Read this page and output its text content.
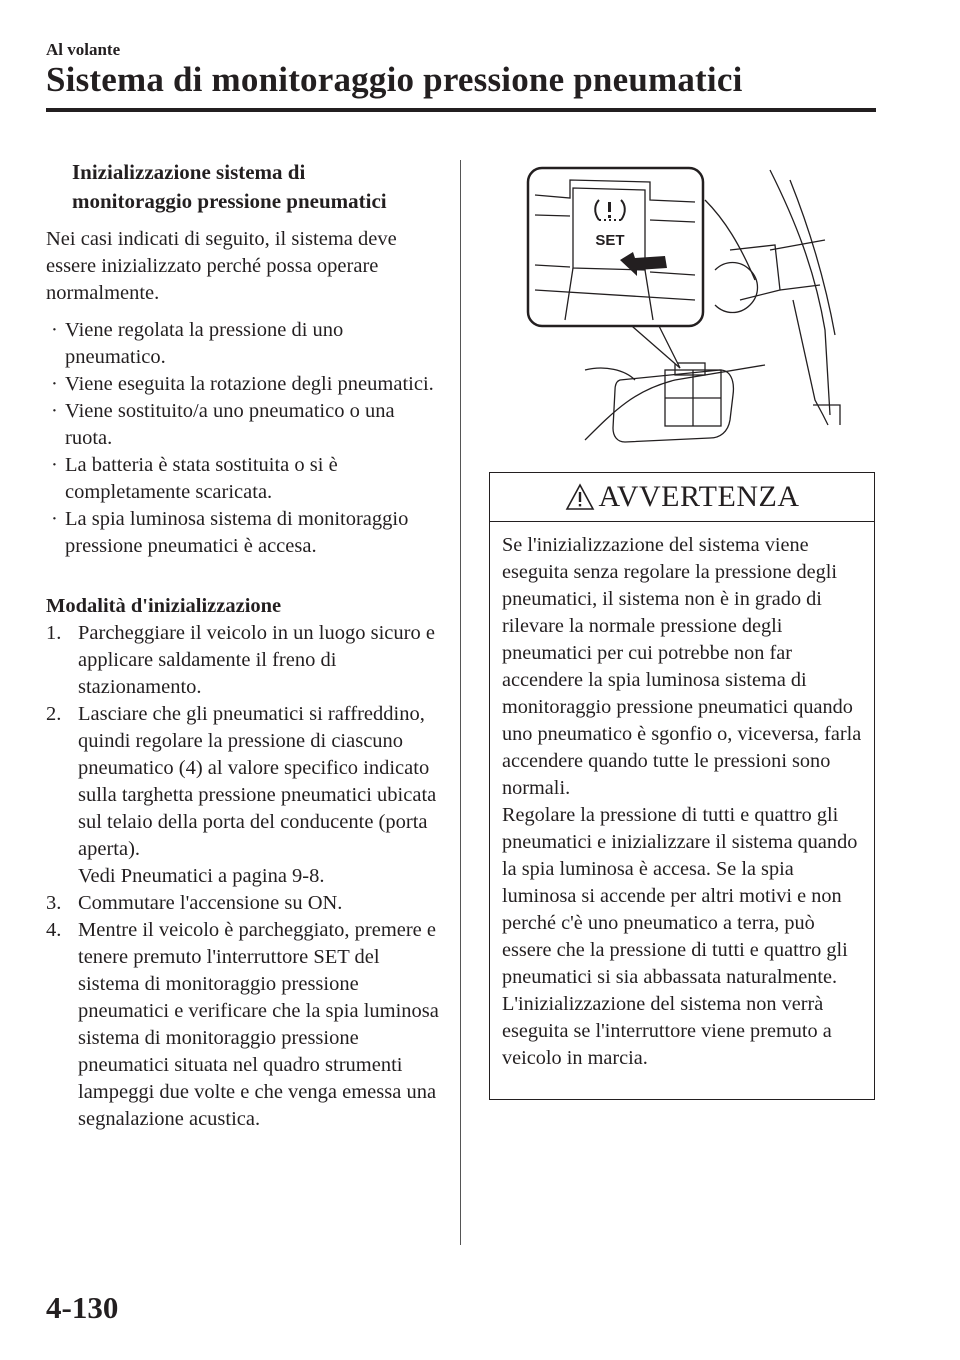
Al volante
Sistema di monitoraggio pressione pneumatici
Inizializzazione sistema di
monitoraggio pressione pneumatici
Nei casi indicati di seguito, il sistema deve essere inizializzato perché possa operare normalmente.
· Viene regolata la pressione di uno pneumatico.
· Viene eseguita la rotazione degli pneumatici.
· Viene sostituito/a uno pneumatico o una ruota.
· La batteria è stata sostituita o si è completamente scaricata.
· La spia luminosa sistema di monitoraggio pressione pneumatici è accesa.
Modalità d'inizializzazione
1. Parcheggiare il veicolo in un luogo sicuro e applicare saldamente il freno di stazionamento.
2. Lasciare che gli pneumatici si raffreddino, quindi regolare la pressione di ciascuno pneumatico (4) al valore specifico indicato sulla targhetta pressione pneumatici ubicata sul telaio della porta del conducente (porta aperta).
Vedi Pneumatici a pagina 9-8.
3. Commutare l'accensione su ON.
4. Mentre il veicolo è parcheggiato, premere e tenere premuto l'interruttore SET del sistema di monitoraggio pressione pneumatici e verificare che la spia luminosa sistema di monitoraggio pressione pneumatici situata nel quadro strumenti lampeggi due volte e che venga emessa una segnalazione acustica.
SET
AVVERTENZA

Se l'inizializzazione del sistema viene eseguita senza regolare la pressione degli pneumatici, il sistema non è in grado di rilevare la normale pressione degli pneumatici per cui potrebbe non far accendere la spia luminosa sistema di monitoraggio pressione pneumatici quando uno pneumatico è sgonfio o, viceversa, farla accendere quando tutte le pressioni sono normali.

Regolare la pressione di tutti e quattro gli pneumatici e inizializzare il sistema quando la spia luminosa è accesa. Se la spia luminosa si accende per altri motivi e non perché c'è uno pneumatico a terra, può essere che la pressione di tutti e quattro gli pneumatici si sia abbassata naturalmente.

L'inizializzazione del sistema non verrà eseguita se l'interruttore viene premuto a veicolo in marcia.

4-130
